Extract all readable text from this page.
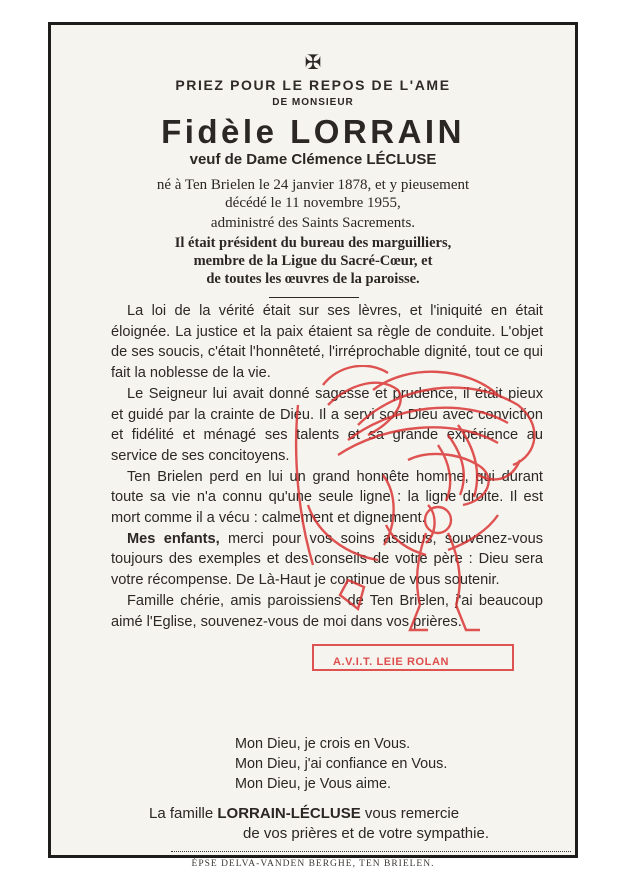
✠
PRIEZ POUR LE REPOS DE L'AME
DE MONSIEUR
Fidèle LORRAIN
veuf de Dame Clémence LÉCLUSE
né à Ten Brielen le 24 janvier 1878, et y pieusement
décédé le 11 novembre 1955,
administré des Saints Sacrements.
Il était président du bureau des marguilliers,
membre de la Ligue du Sacré-Cœur, et
de toutes les œuvres de la paroisse.

La loi de la vérité était sur ses lèvres, et l'iniquité en était éloignée. La justice et la paix étaient sa règle de conduite. L'objet de ses soucis, c'était l'honnêteté, l'irréprochable dignité, tout ce qui fait la noblesse de la vie.

Le Seigneur lui avait donné sagesse et prudence, il était pieux et guidé par la crainte de Dieu. Il a servi son Dieu avec conviction et fidélité et ménagé ses talents et sa grande expérience au service de ses concitoyens.

Ten Brielen perd en lui un grand honnête homme, qui durant toute sa vie n'a connu qu'une seule ligne : la ligne droite. Il est mort comme il a vécu : calmement et dignement.

Mes enfants, merci pour vos soins assidus, souvenez-vous toujours des exemples et des conseils de votre père : Dieu sera votre récompense. De Là-Haut je continue de vous soutenir.

Famille chérie, amis paroissiens de Ten Brielen, j'ai beaucoup aimé l'Eglise, souvenez-vous de moi dans vos prières.

Mon Dieu, je crois en Vous.
Mon Dieu, j'ai confiance en Vous.
Mon Dieu, je Vous aime.
La famille LORRAIN-LÉCLUSE vous remercie
de vos prières et de votre sympathie.
ÉPSE DELVA-VANDEN BERGHE, TEN BRIELEN.
A.V.I.T. LEIE ROLAN
